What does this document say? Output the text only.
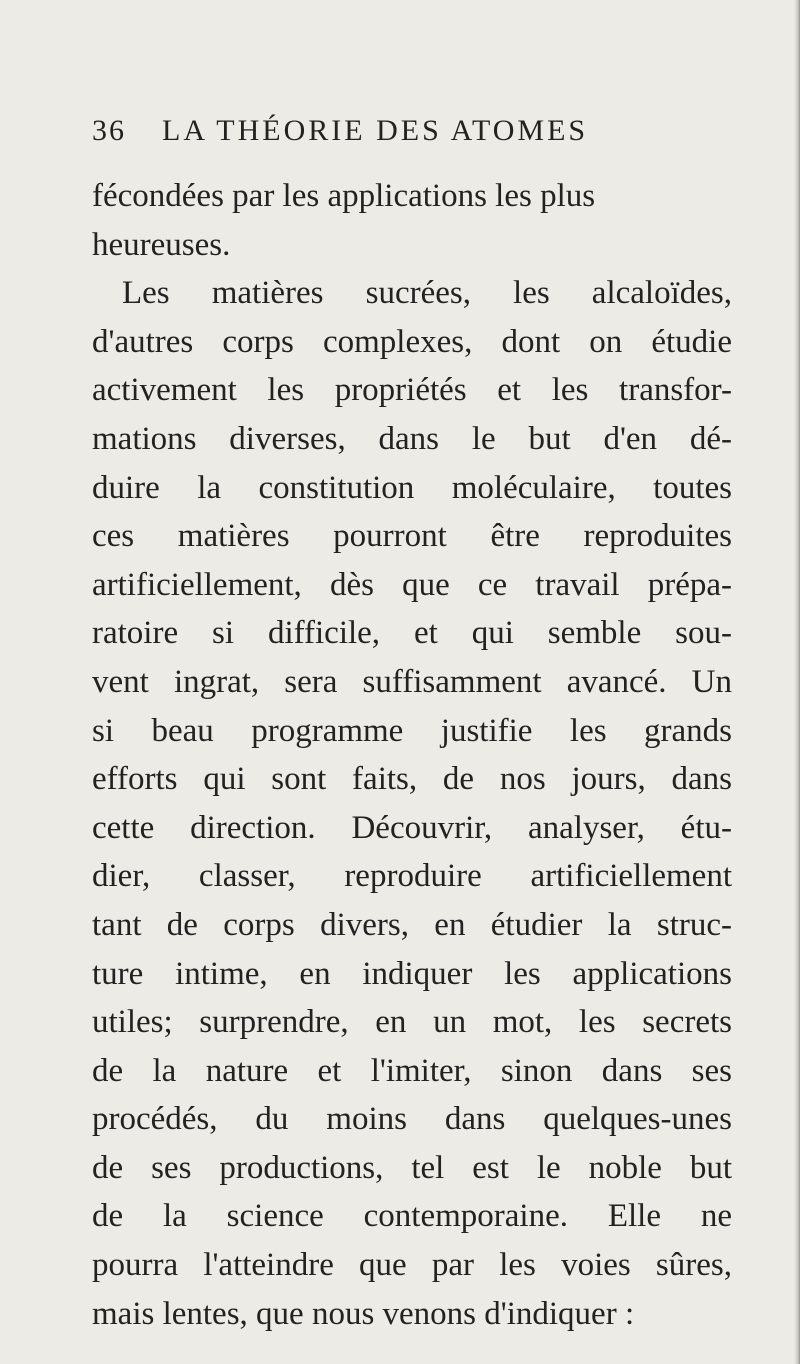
36 LA THÉORIE DES ATOMES
fécondées par les applications les plus
heureuses.
Les matières sucrées, les alcaloïdes,
d'autres corps complexes, dont on étudie
activement les propriétés et les transfor-
mations diverses, dans le but d'en dé-
duire la constitution moléculaire, toutes
ces matières pourront être reproduites
artificiellement, dès que ce travail prépa-
ratoire si difficile, et qui semble sou-
vent ingrat, sera suffisamment avancé. Un
si beau programme justifie les grands
efforts qui sont faits, de nos jours, dans
cette direction. Découvrir, analyser, étu-
dier, classer, reproduire artificiellement
tant de corps divers, en étudier la struc-
ture intime, en indiquer les applications
utiles; surprendre, en un mot, les secrets
de la nature et l'imiter, sinon dans ses
procédés, du moins dans quelques-unes
de ses productions, tel est le noble but
de la science contemporaine. Elle ne
pourra l'atteindre que par les voies sûres,
mais lentes, que nous venons d'indiquer :
